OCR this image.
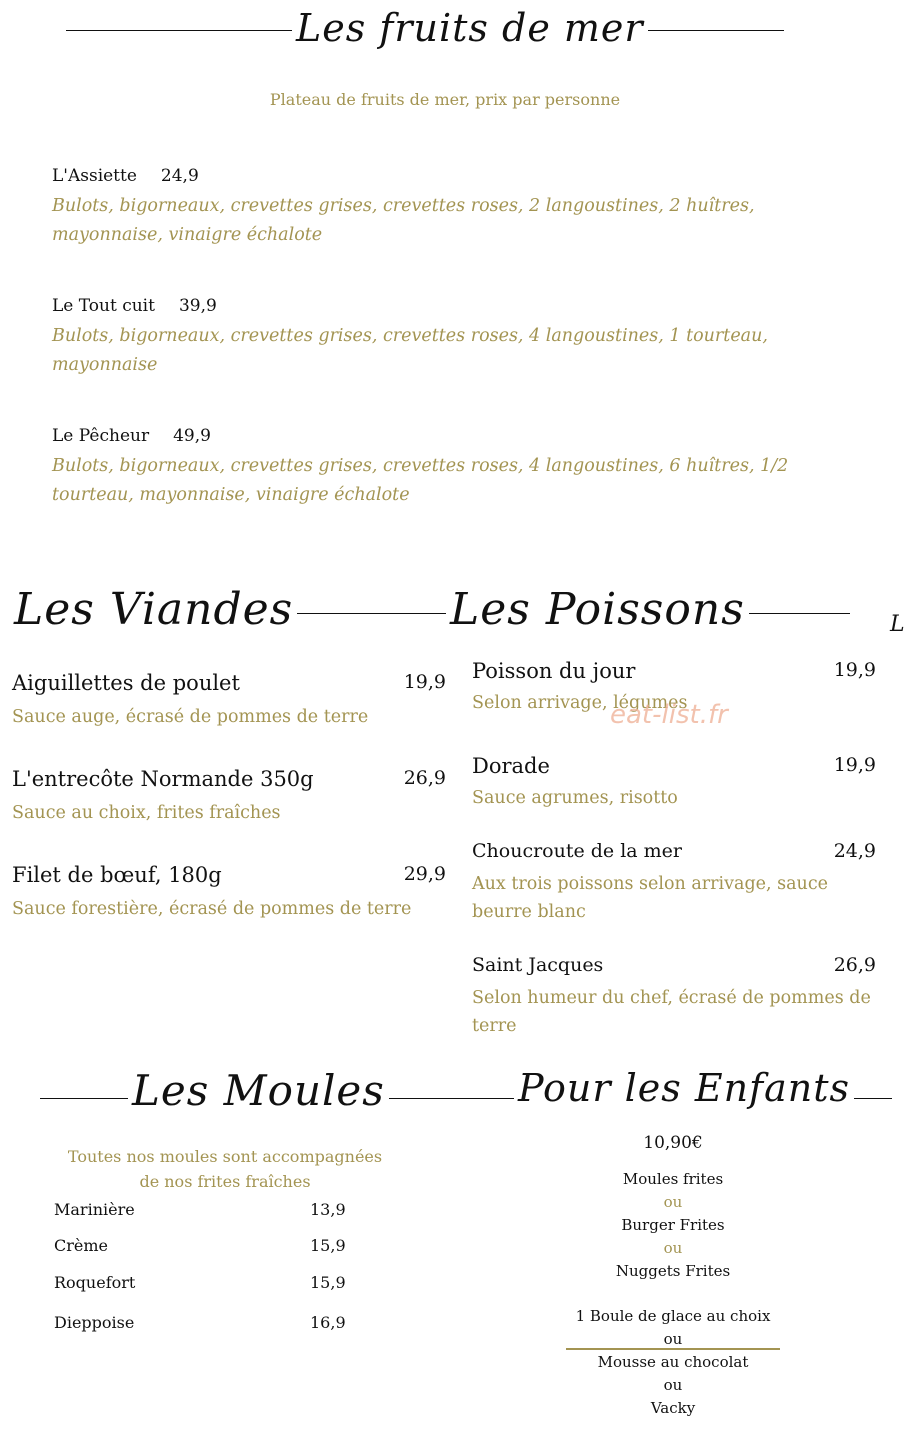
Les fruits de mer
Plateau de fruits de mer, prix par personne
L'Assiette 24,9
Bulots, bigorneaux, crevettes grises, crevettes roses, 2 langoustines, 2 huîtres, mayonnaise, vinaigre échalote
Le Tout cuit 39,9
Bulots, bigorneaux, crevettes grises, crevettes roses, 4 langoustines, 1 tourteau, mayonnaise
Le Pêcheur 49,9
Bulots, bigorneaux, crevettes grises, crevettes roses, 4 langoustines, 6 huîtres, 1/2 tourteau, mayonnaise, vinaigre échalote
Les Viandes	Les Poissons	L
Aiguillettes de poulet	19,9
Sauce auge, écrasé de pommes de terre
L'entrecôte Normande 350g	26,9
Sauce au choix, frites fraîches
Filet de bœuf, 180g	29,9
Sauce forestière, écrasé de pommes de terre
Poisson du jour	19,9
Selon arrivage, légumes
Dorade	19,9
Sauce agrumes, risotto
Choucroute de la mer	24,9
Aux trois poissons selon arrivage, sauce beurre blanc
Saint Jacques	26,9
Selon humeur du chef, écrasé de pommes de terre
eat-list.fr
Les Moules	Pour les Enfants
Toutes nos moules sont accompagnées
de nos frites fraîches
Marinière	13,9
Crème	15,9
Roquefort	15,9
Dieppoise	16,9
10,90€
Moules frites
ou
Burger Frites
ou
Nuggets Frites
1 Boule de glace au choix
ou
Mousse au chocolat
ou
Vacky
